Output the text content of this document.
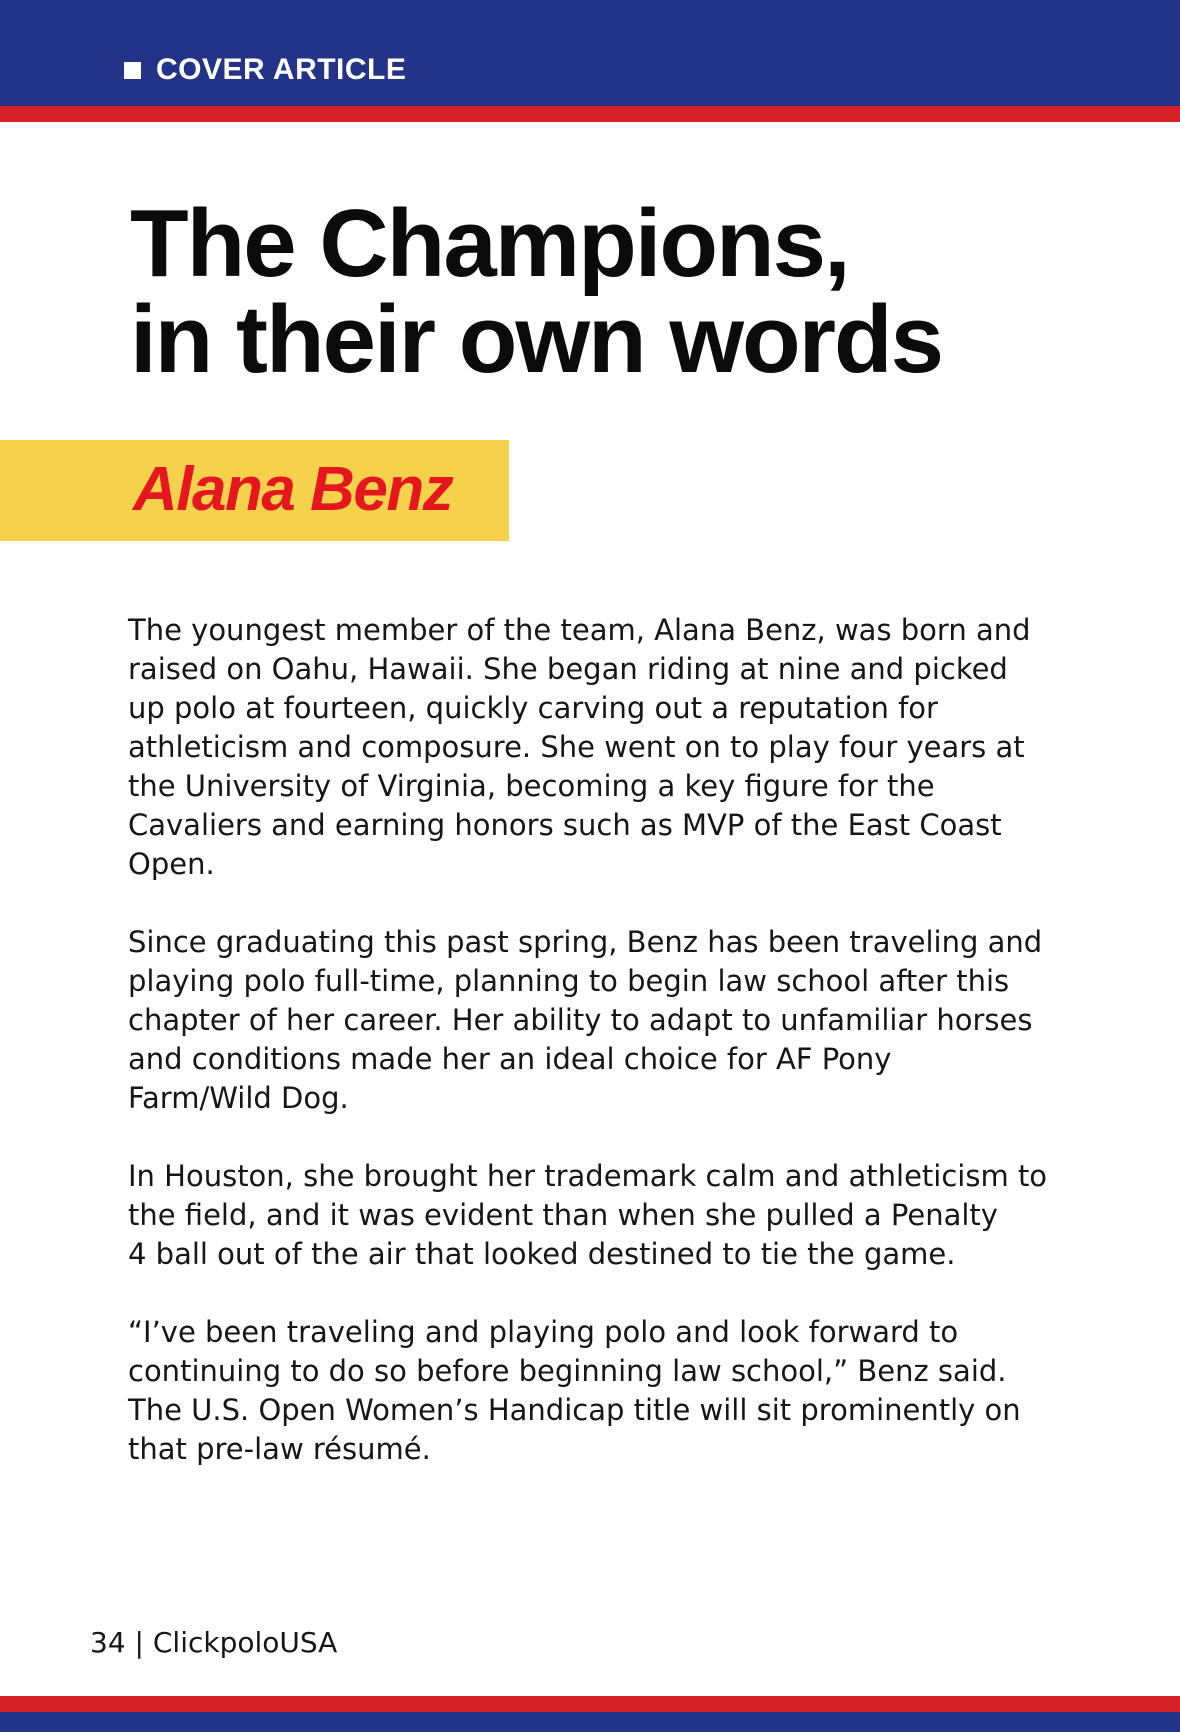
COVER ARTICLE
The Champions,
in their own words
Alana Benz

The youngest member of the team, Alana Benz, was born and
raised on Oahu, Hawaii. She began riding at nine and picked
up polo at fourteen, quickly carving out a reputation for
athleticism and composure. She went on to play four years at
the University of Virginia, becoming a key figure for the
Cavaliers and earning honors such as MVP of the East Coast
Open.

Since graduating this past spring, Benz has been traveling and
playing polo full-time, planning to begin law school after this
chapter of her career. Her ability to adapt to unfamiliar horses
and conditions made her an ideal choice for AF Pony
Farm/Wild Dog.

In Houston, she brought her trademark calm and athleticism to
the field, and it was evident than when she pulled a Penalty
4 ball out of the air that looked destined to tie the game.

“I’ve been traveling and playing polo and look forward to
continuing to do so before beginning law school,” Benz said.
The U.S. Open Women’s Handicap title will sit prominently on
that pre-law résumé.

34 | ClickpoloUSA
